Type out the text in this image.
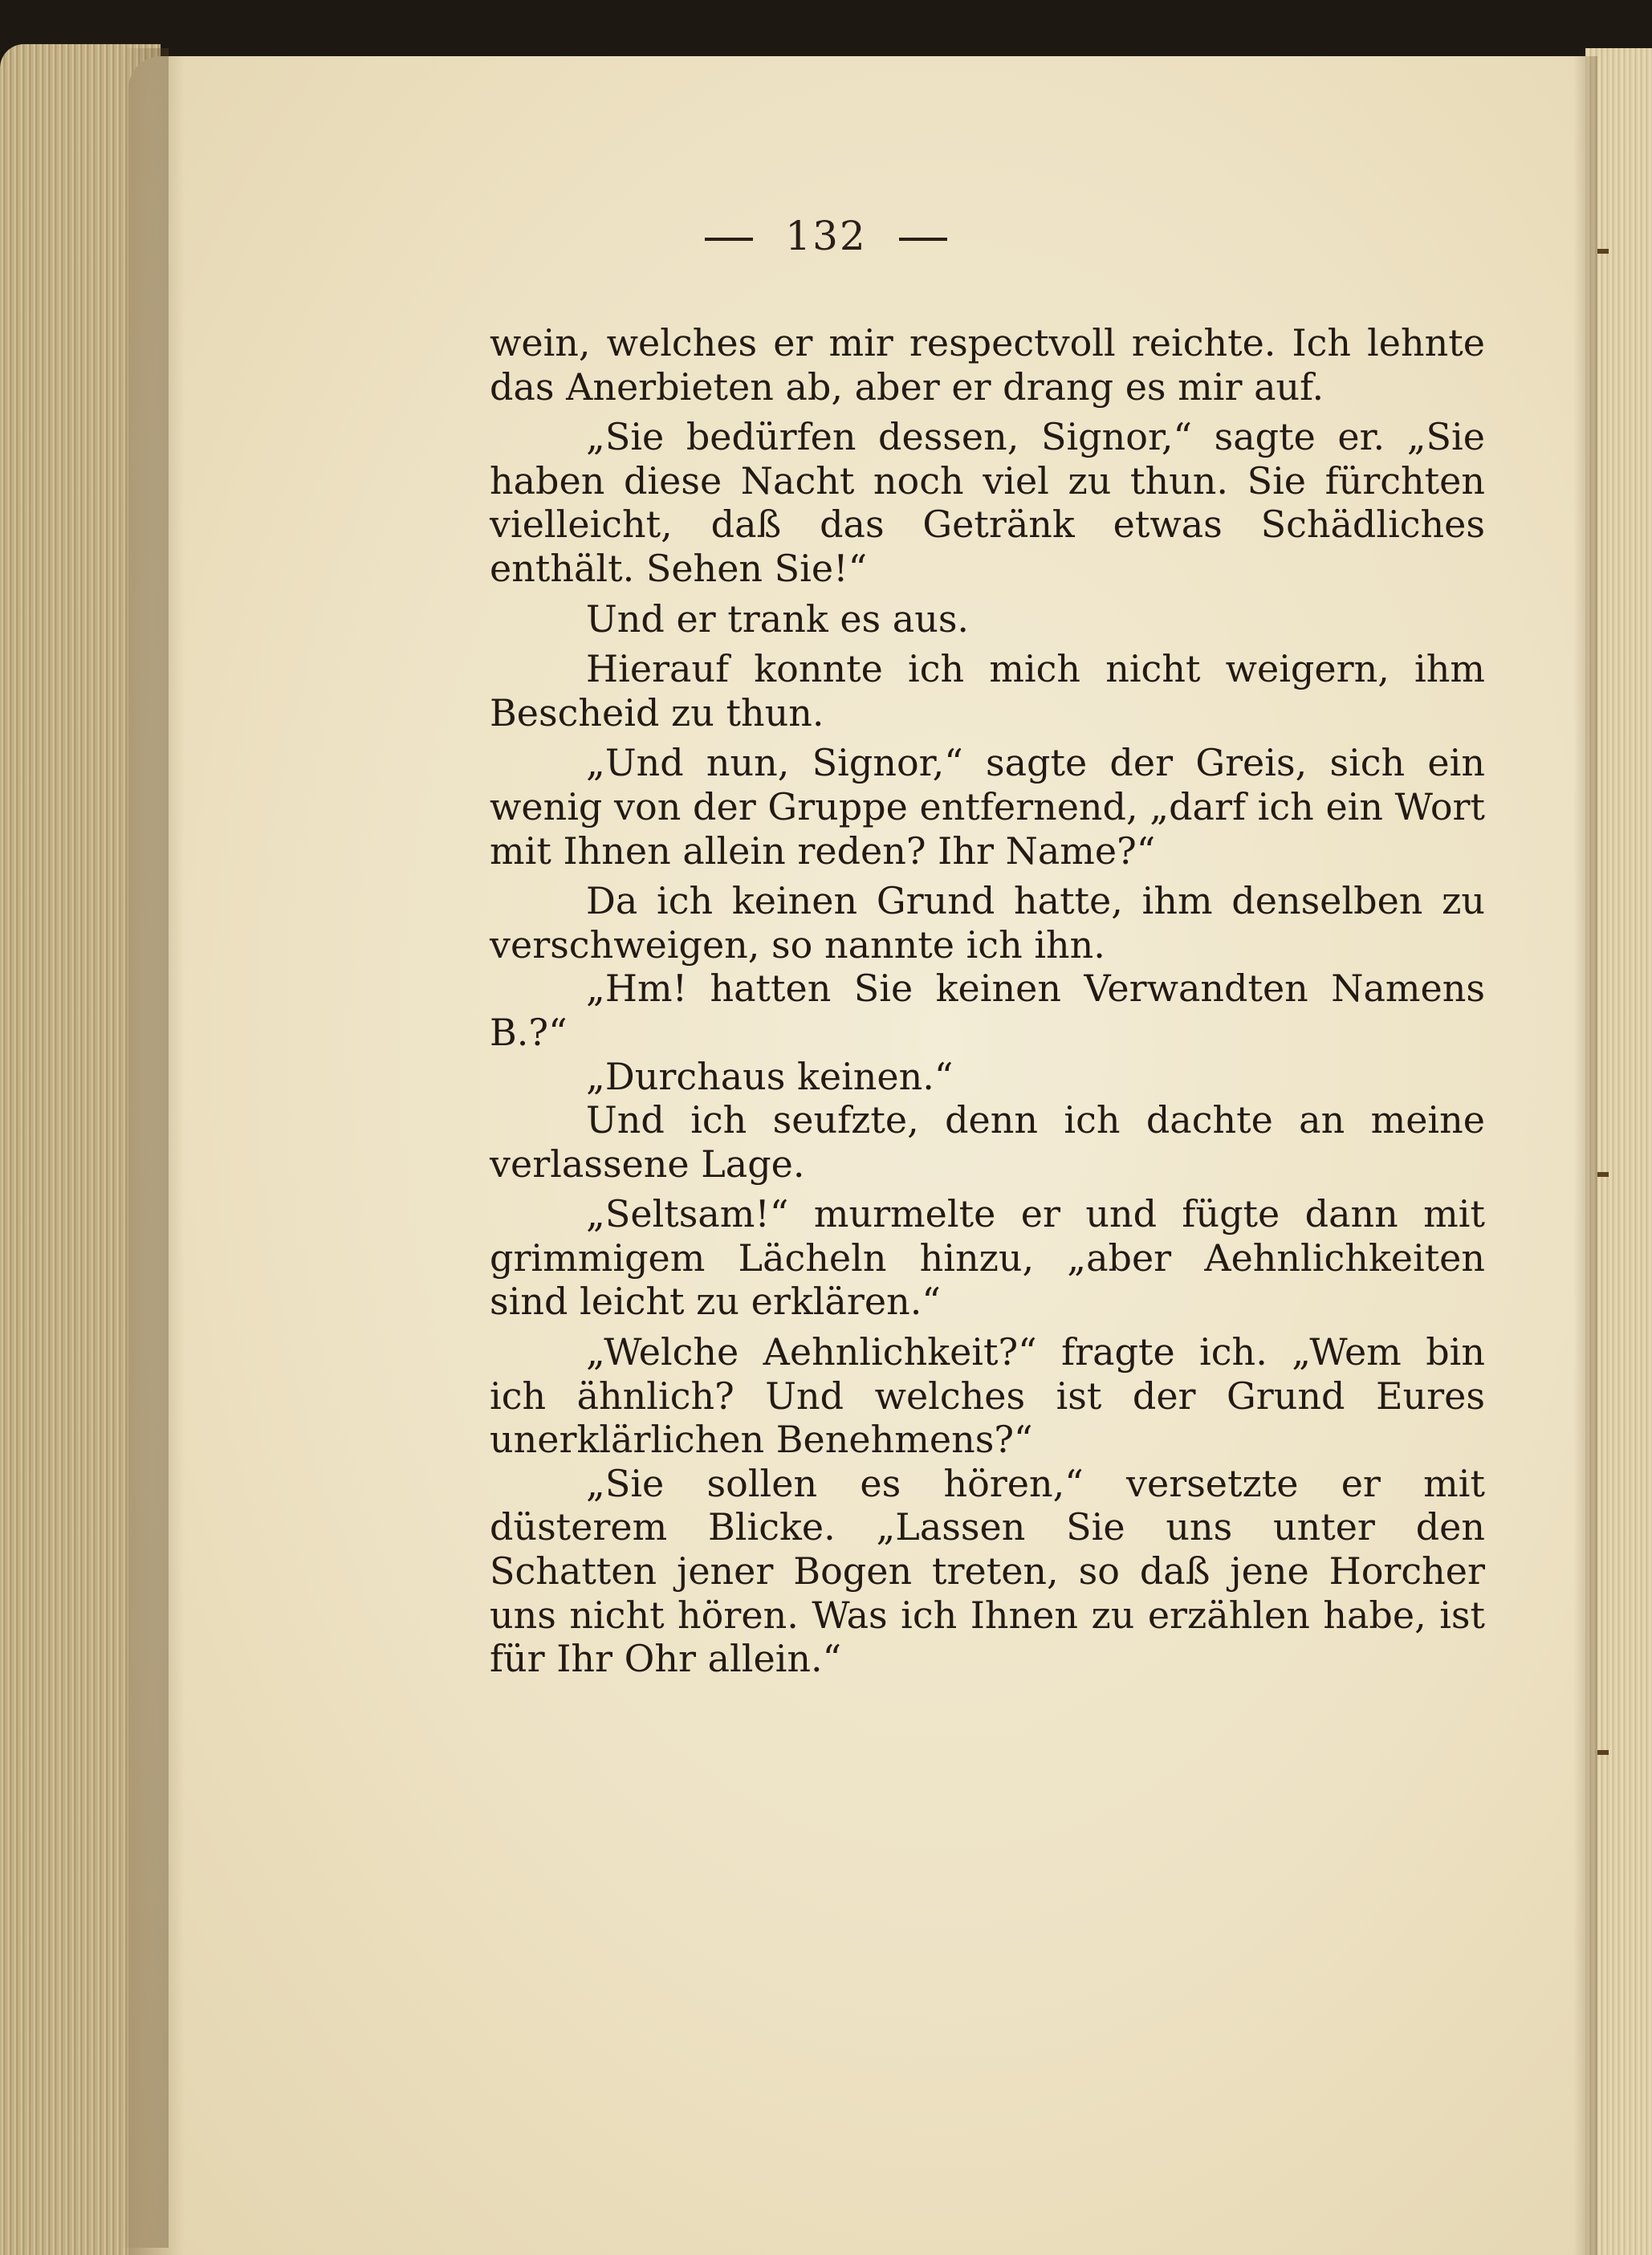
132

wein, welches er mir respectvoll reichte. Ich lehnte das Anerbieten ab, aber er drang es mir auf.

„Sie bedürfen dessen, Signor,“ sagte er. „Sie haben diese Nacht noch viel zu thun. Sie fürchten vielleicht, daß das Getränk etwas Schädliches enthält. Sehen Sie!“

Und er trank es aus.

Hierauf konnte ich mich nicht weigern, ihm Bescheid zu thun.

„Und nun, Signor,“ sagte der Greis, sich ein wenig von der Gruppe entfernend, „darf ich ein Wort mit Ihnen allein reden? Ihr Name?“

Da ich keinen Grund hatte, ihm denselben zu verschweigen, so nannte ich ihn.

„Hm! hatten Sie keinen Verwandten Namens B.?“

„Durchaus keinen.“

Und ich seufzte, denn ich dachte an meine verlassene Lage.

„Seltsam!“ murmelte er und fügte dann mit grimmigem Lächeln hinzu, „aber Aehnlichkeiten sind leicht zu erklären.“

„Welche Aehnlichkeit?“ fragte ich. „Wem bin ich ähnlich? Und welches ist der Grund Eures unerklärlichen Benehmens?“

„Sie sollen es hören,“ versetzte er mit düsterem Blicke. „Lassen Sie uns unter den Schatten jener Bogen treten, so daß jene Horcher uns nicht hören. Was ich Ihnen zu erzählen habe, ist für Ihr Ohr allein.“
